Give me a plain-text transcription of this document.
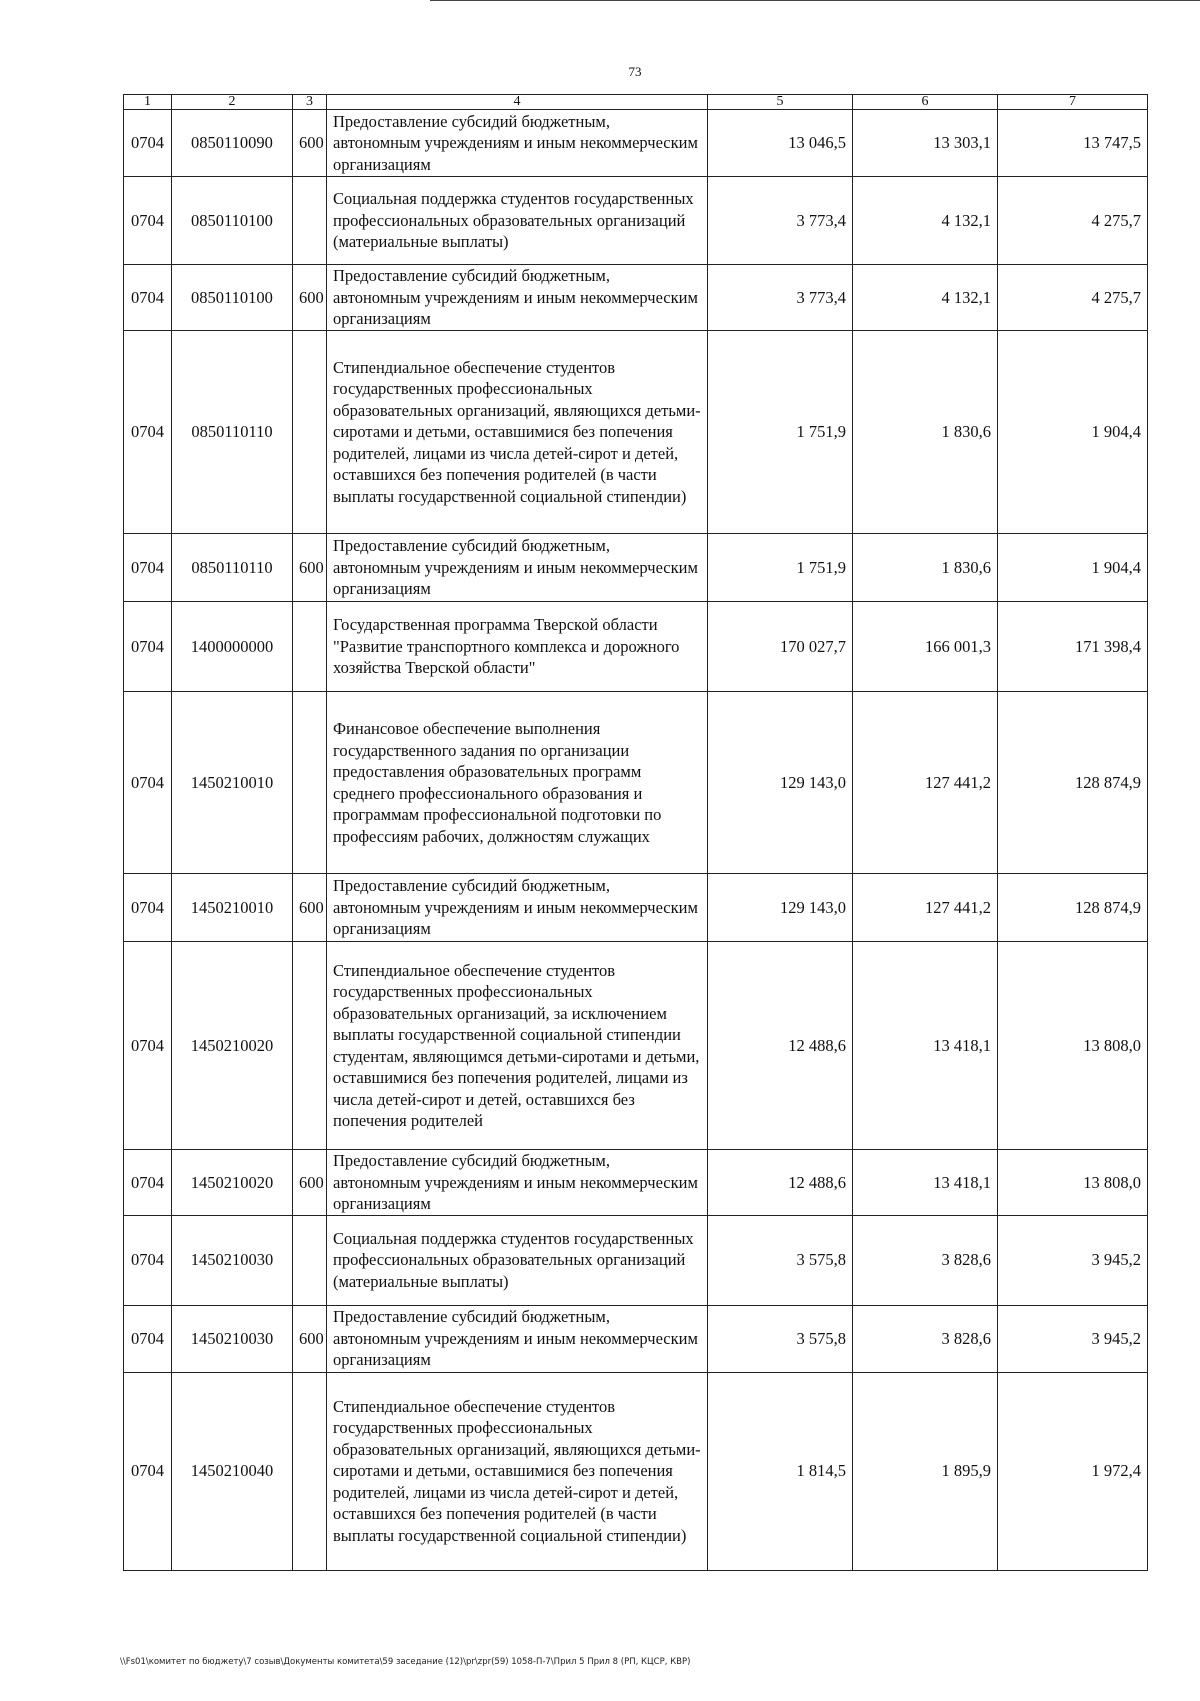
73
1	2	3	4	5	6	7
0704	0850110090	600	Предоставление субсидий бюджетным, автономным учреждениям и иным некоммерческим организациям	13 046,5	13 303,1	13 747,5
0704	0850110100		Социальная поддержка студентов государственных профессиональных образовательных организаций (материальные выплаты)	3 773,4	4 132,1	4 275,7
0704	0850110100	600	Предоставление субсидий бюджетным, автономным учреждениям и иным некоммерческим организациям	3 773,4	4 132,1	4 275,7
0704	0850110110		Стипендиальное обеспечение студентов государственных профессиональных образовательных организаций, являющихся детьми-сиротами и детьми, оставшимися без попечения родителей, лицами из числа детей-сирот и детей, оставшихся без попечения родителей (в части выплаты государственной социальной стипендии)	1 751,9	1 830,6	1 904,4
0704	0850110110	600	Предоставление субсидий бюджетным, автономным учреждениям и иным некоммерческим организациям	1 751,9	1 830,6	1 904,4
0704	1400000000		Государственная программа Тверской области "Развитие транспортного комплекса и дорожного хозяйства Тверской области"	170 027,7	166 001,3	171 398,4
0704	1450210010		Финансовое обеспечение выполнения государственного задания по организации предоставления образовательных программ среднего профессионального образования и программам профессиональной подготовки по профессиям рабочих, должностям служащих	129 143,0	127 441,2	128 874,9
0704	1450210010	600	Предоставление субсидий бюджетным, автономным учреждениям и иным некоммерческим организациям	129 143,0	127 441,2	128 874,9
0704	1450210020		Стипендиальное обеспечение студентов государственных профессиональных образовательных организаций, за исключением выплаты государственной социальной стипендии студентам, являющимся детьми-сиротами и детьми, оставшимися без попечения родителей, лицами из числа детей-сирот и детей, оставшихся без попечения родителей	12 488,6	13 418,1	13 808,0
0704	1450210020	600	Предоставление субсидий бюджетным, автономным учреждениям и иным некоммерческим организациям	12 488,6	13 418,1	13 808,0
0704	1450210030		Социальная поддержка студентов государственных профессиональных образовательных организаций (материальные выплаты)	3 575,8	3 828,6	3 945,2
0704	1450210030	600	Предоставление субсидий бюджетным, автономным учреждениям и иным некоммерческим организациям	3 575,8	3 828,6	3 945,2
0704	1450210040		Стипендиальное обеспечение студентов государственных профессиональных образовательных организаций, являющихся детьми-сиротами и детьми, оставшимися без попечения родителей, лицами из числа детей-сирот и детей, оставшихся без попечения родителей (в части выплаты государственной социальной стипендии)	1 814,5	1 895,9	1 972,4
\\Fs01\комитет по бюджету\7 созыв\Документы комитета\59 заседание (12)\pr\zpr(59) 1058-П-7\Прил 5 Прил 8 (РП, КЦСР, КВР)
